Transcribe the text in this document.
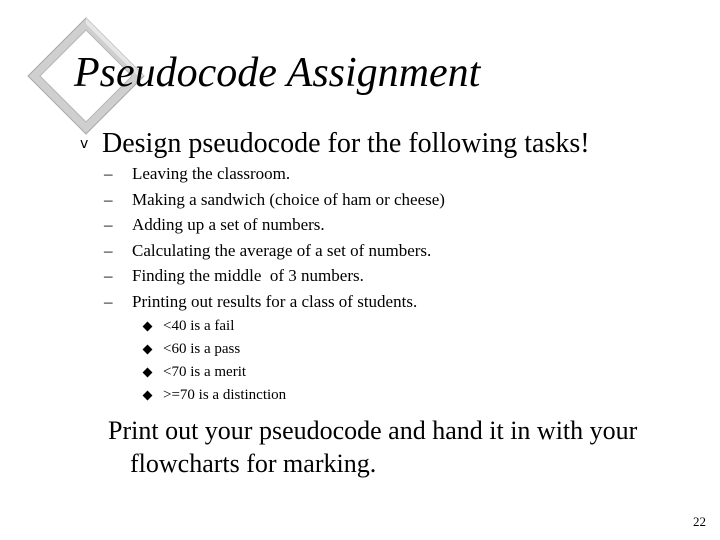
Pseudocode Assignment
v Design pseudocode for the following tasks!
–	Leaving the classroom.
–	Making a sandwich (choice of ham or cheese)
–	Adding up a set of numbers.
–	Calculating the average of a set of numbers.
–	Finding the middle  of 3 numbers.
–	Printing out results for a class of students.
<40 is a fail
<60 is a pass
<70 is a merit
>=70 is a distinction

Print out your pseudocode and hand it in with your flowcharts for marking.

22
